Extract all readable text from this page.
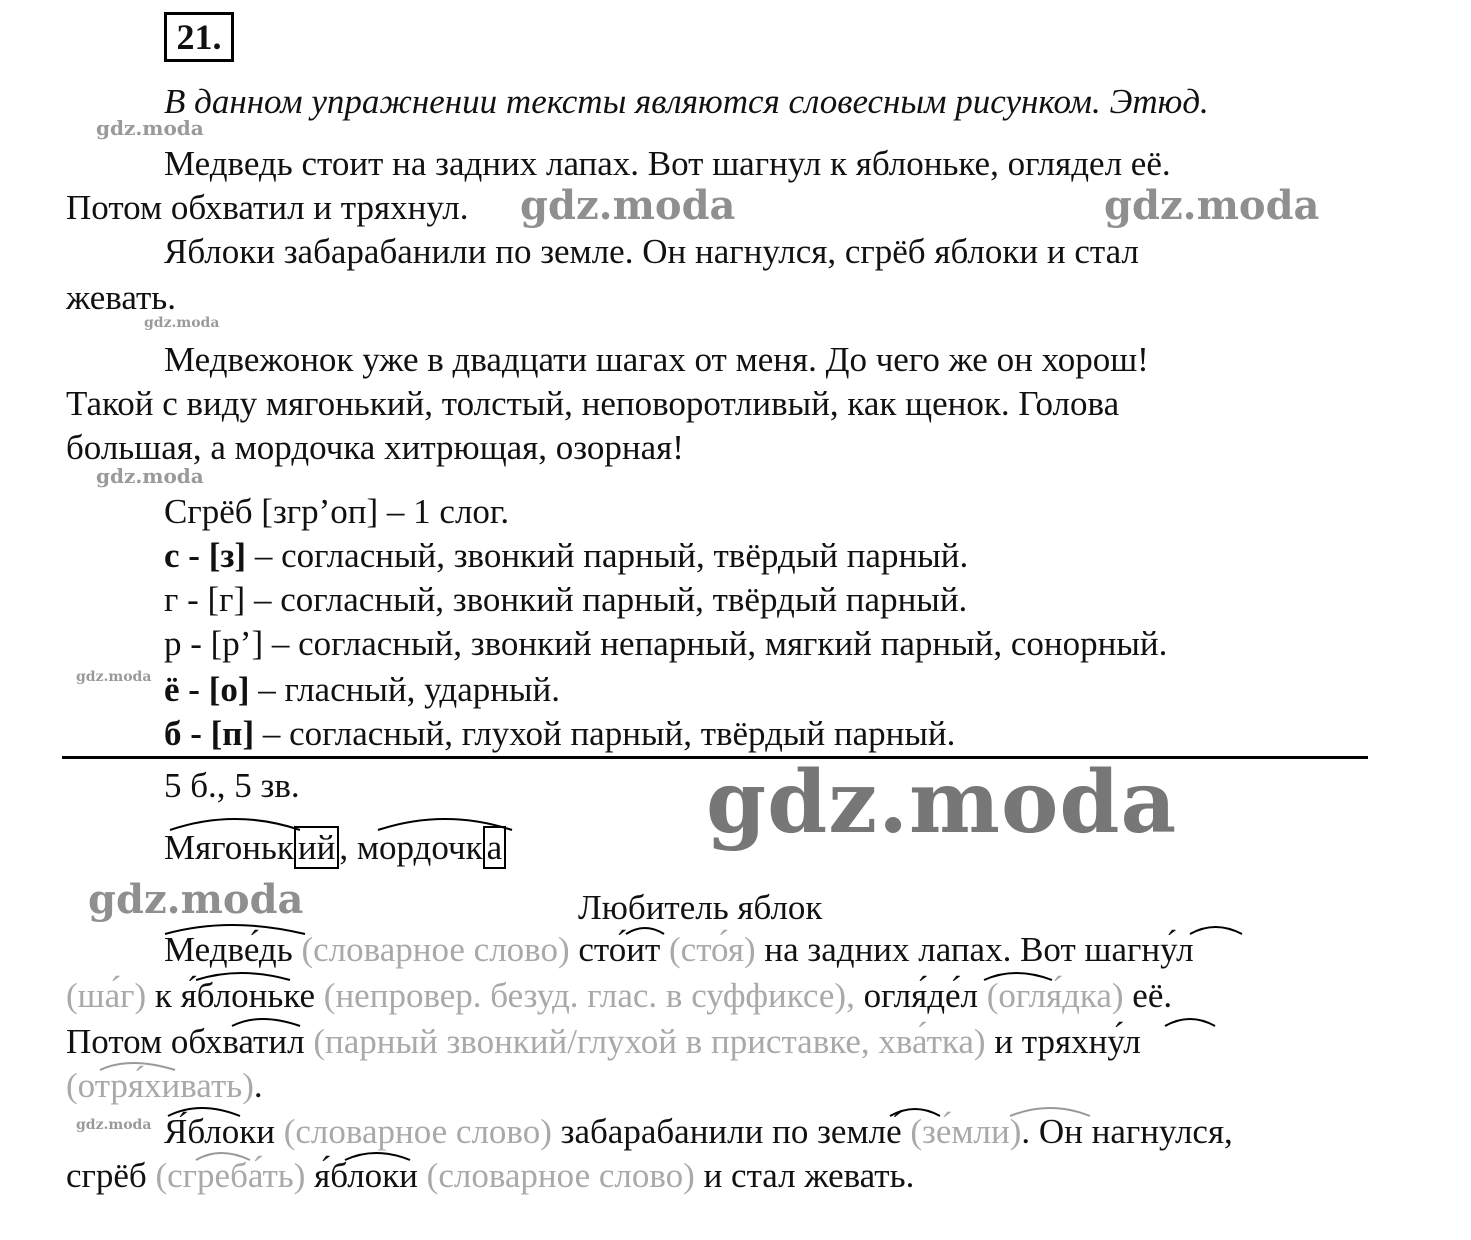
21.
В данном упражнении тексты являются словесным рисунком. Этюд.
Медведь стоит на задних лапах. Вот шагнул к яблоньке, оглядел её.
Потом обхватил и тряхнул.
Яблоки забарабанили по земле. Он нагнулся, сгрёб яблоки и стал
жевать.
Медвежонок уже в двадцати шагах от меня. До чего же он хорош!
Такой с виду мягонький, толстый, неповоротливый, как щенок. Голова
большая, а мордочка хитрющая, озорная!
Сгрёб [згр’оп] – 1 слог.
с - [з] – согласный, звонкий парный, твёрдый парный.
г - [г] – согласный, звонкий парный, твёрдый парный.
р - [р’] – согласный, звонкий непарный, мягкий парный, сонорный.
ё - [о] – гласный, ударный.
б - [п] – согласный, глухой парный, твёрдый парный.
5 б., 5 зв.
Мягоньк ий , мордочк а
Любитель яблок
Медве́дь (словарное слово) сто́ит (сто́я) на задних лапах. Вот шагну́л
(ша́г) к я́блоньке (непровер. безуд. глас. в суффиксе), огля́де́л (огля́дка) её.
Потом обхватил (парный звонкий/глухой в приставке, хва́тка) и тряхну́л
(отря́хивать).
Я́блоки (словарное слово) забарабанили по земле́ (зе́мли). Он нагнулся,
сгрёб (сгреба́ть) я́блоки (словарное слово) и стал жевать.
gdz.moda
gdz.moda	gdz.moda
gdz.moda
gdz.moda
gdz.moda
gdz.moda
gdz.moda
gdz.moda
